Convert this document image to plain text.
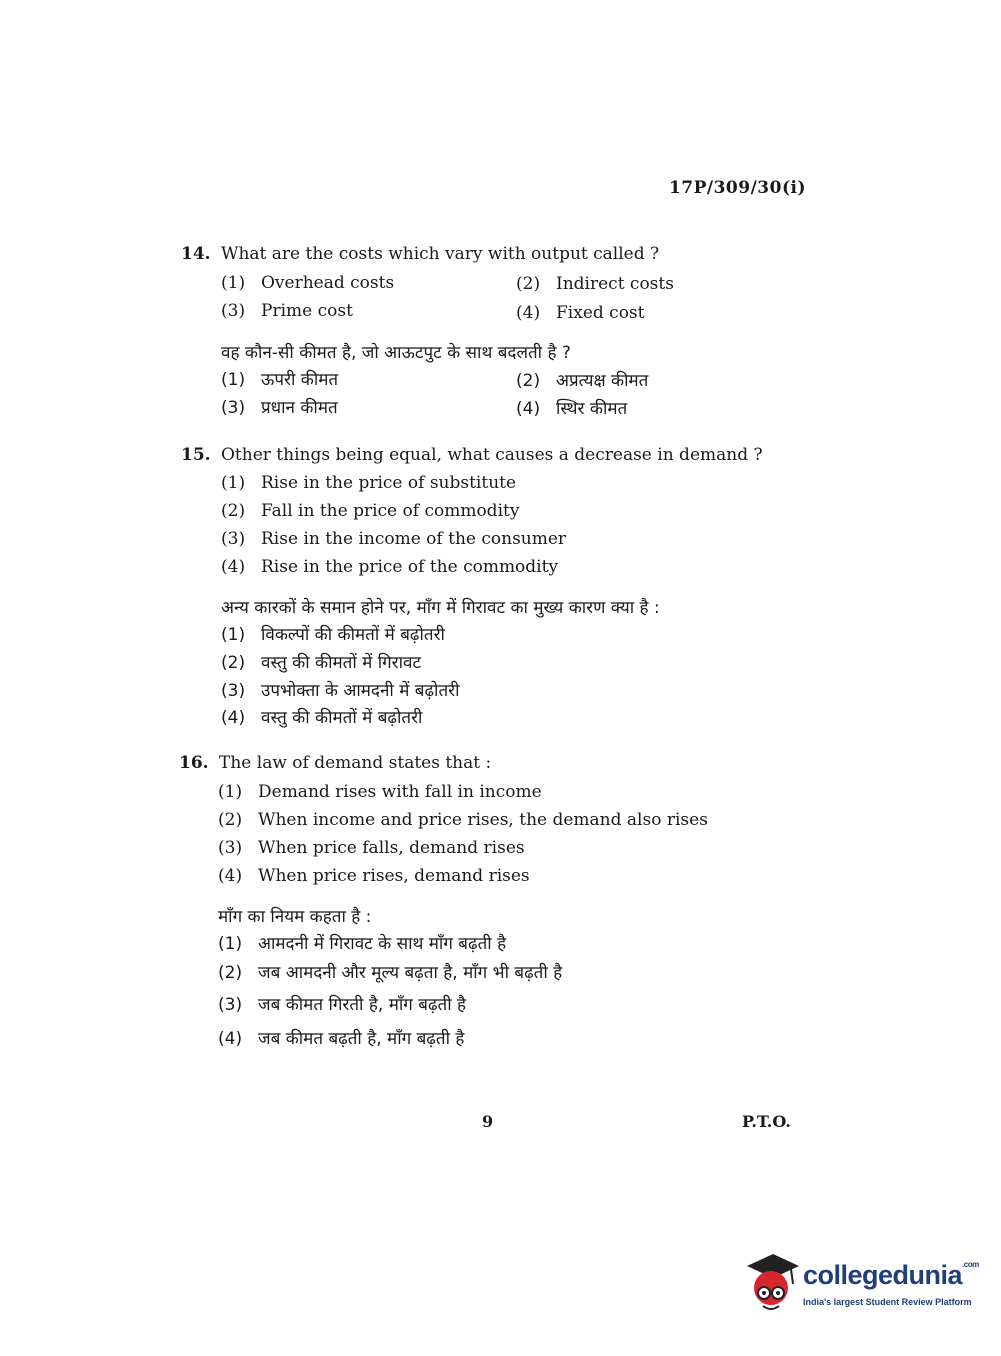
17P/309/30(i)
14. What are the costs which vary with output called ?
(1) Overhead costs	(2) Indirect costs
(3) Prime cost	(4) Fixed cost
वह कौन-सी कीमत है, जो आऊटपुट के साथ बदलती है ?
(1) ऊपरी कीमत	(2) अप्रत्यक्ष कीमत
(3) प्रधान कीमत	(4) स्थिर कीमत
15. Other things being equal, what causes a decrease in demand ?
(1) Rise in the price of substitute
(2) Fall in the price of commodity
(3) Rise in the income of the consumer
(4) Rise in the price of the commodity
अन्य कारकों के समान होने पर, माँग में गिरावट का मुख्य कारण क्या है :
(1) विकल्पों की कीमतों में बढ़ोतरी
(2) वस्तु की कीमतों में गिरावट
(3) उपभोक्ता के आमदनी में बढ़ोतरी
(4) वस्तु की कीमतों में बढ़ोतरी
16. The law of demand states that :
(1) Demand rises with fall in income
(2) When income and price rises, the demand also rises
(3) When price falls, demand rises
(4) When price rises, demand rises
माँग का नियम कहता है :
(1) आमदनी में गिरावट के साथ माँग बढ़ती है
(2) जब आमदनी और मूल्य बढ़ता है, माँग भी बढ़ती है
(3) जब कीमत गिरती है, माँग बढ़ती है
(4) जब कीमत बढ़ती है, माँग बढ़ती है
9	P.T.O.
collegedunia$^{.com}$
India's largest Student Review Platform
